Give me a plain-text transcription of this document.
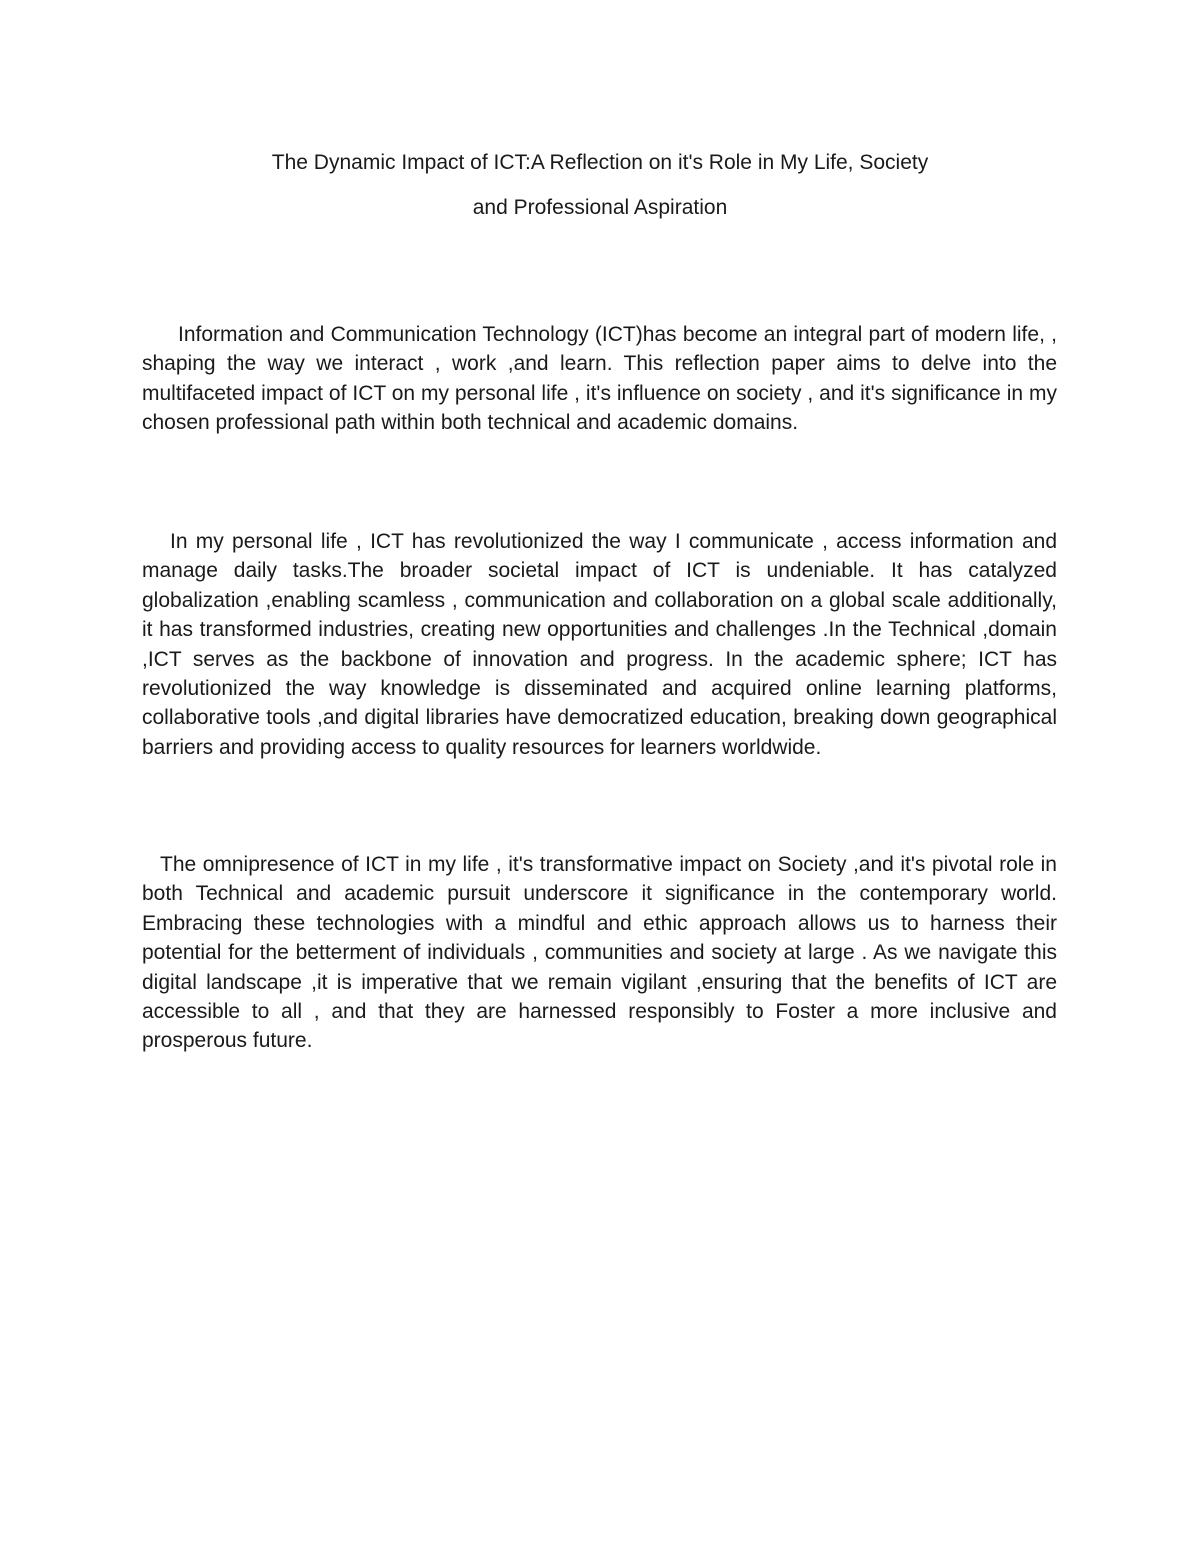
The Dynamic Impact of ICT:A Reflection on it's Role in My Life, Society
and Professional Aspiration

Information and Communication Technology (ICT)has become an integral part of modern life, , shaping the way we interact , work ,and learn. This reflection paper aims to delve into the multifaceted impact of ICT on my personal life , it's influence on society , and it's significance in my chosen professional path within both technical and academic domains.

In my personal life , ICT has revolutionized the way I communicate , access information and manage daily tasks.The broader societal impact of ICT is undeniable. It has catalyzed globalization ,enabling scamless , communication and collaboration on a global scale additionally, it has transformed industries, creating new opportunities and challenges .In the Technical ,domain ,ICT serves as the backbone of innovation and progress. In the academic sphere; ICT has revolutionized the way knowledge is disseminated and acquired online learning platforms, collaborative tools ,and digital libraries have democratized education, breaking down geographical barriers and providing access to quality resources for learners worldwide.

The omnipresence of ICT in my life , it's transformative impact on Society ,and it's pivotal role in both Technical and academic pursuit underscore it significance in the contemporary world. Embracing these technologies with a mindful and ethic approach allows us to harness their potential for the betterment of individuals , communities and society at large . As we navigate this digital landscape ,it is imperative that we remain vigilant ,ensuring that the benefits of ICT are accessible to all , and that they are harnessed responsibly to Foster a more inclusive and prosperous future.
